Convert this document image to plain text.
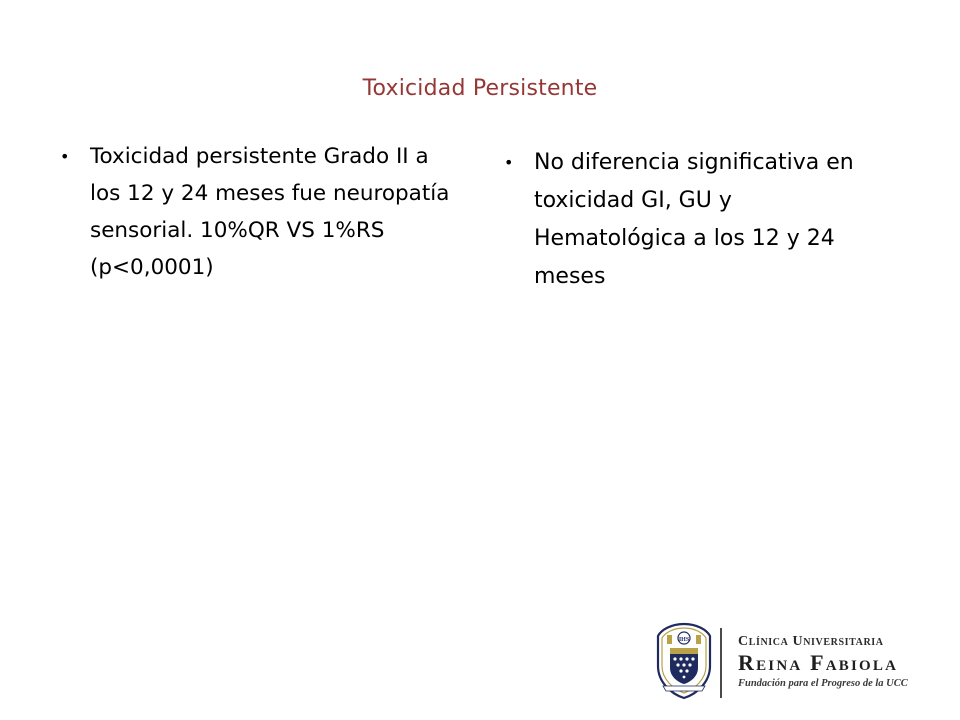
Toxicidad Persistente
• Toxicidad persistente Grado II a los 12 y 24 meses fue neuropatía sensorial. 10%QR VS 1%RS (p<0,0001)
• No diferencia significativa en toxicidad GI, GU y Hematológica a los 12 y 24 meses
IHS	Clínica Universitaria
Reina Fabiola
Fundación para el Progreso de la UCC
